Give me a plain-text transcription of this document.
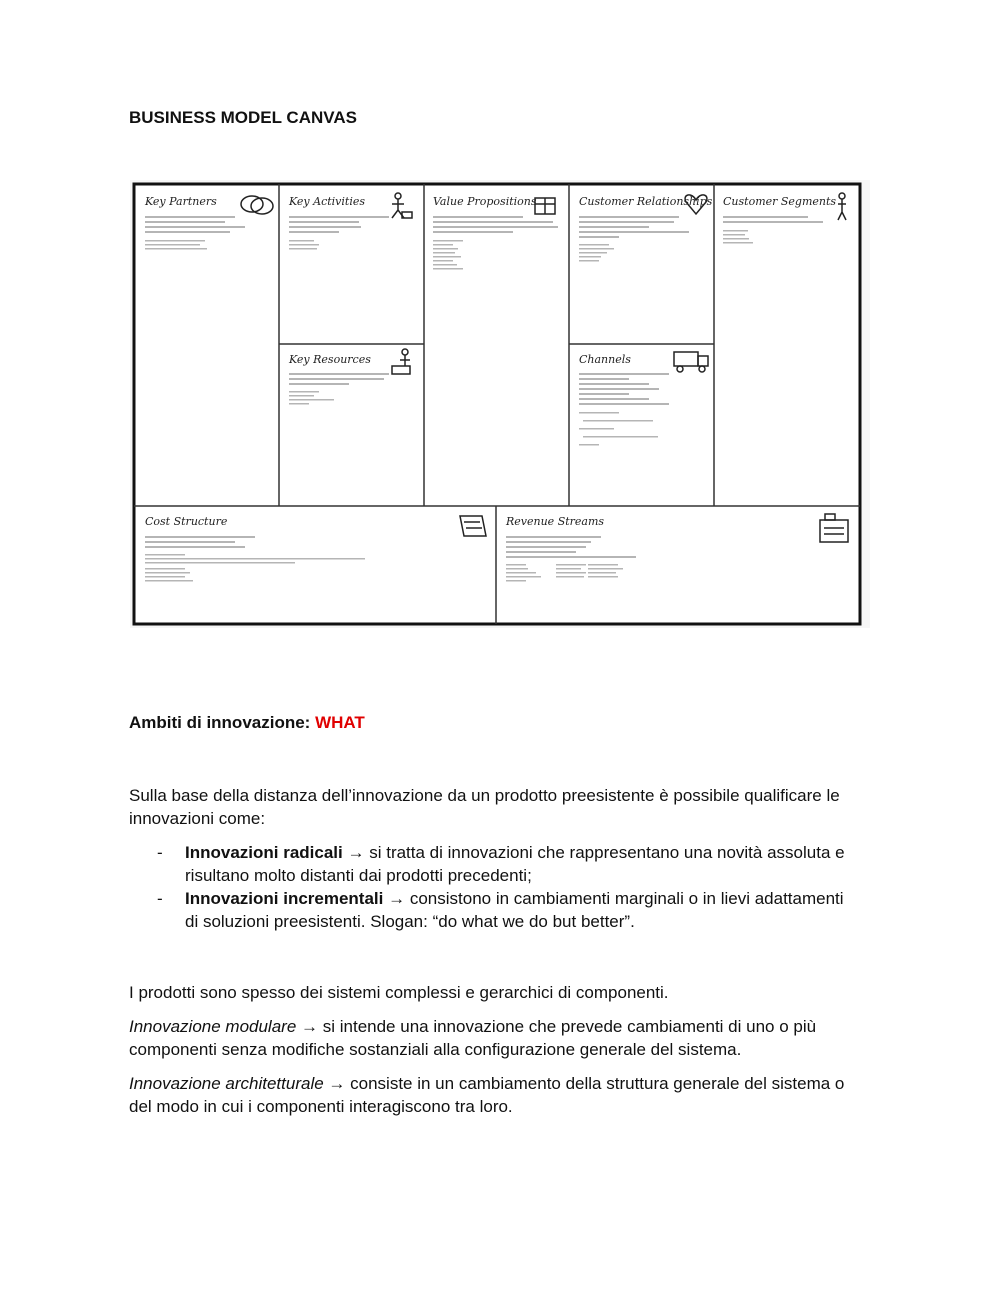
BUSINESS MODEL CANVAS
Key Partners	Key Activities	Value Propositions	Customer Relationships Customer Segments
Key Resources	Channels
Cost Structure	Revenue Streams
Ambiti di innovazione: WHAT
Sulla base della distanza dell’innovazione da un prodotto preesistente è possibile qualificare le innovazioni come:
- Innovazioni radicali → si tratta di innovazioni che rappresentano una novità assoluta e risultano molto distanti dai prodotti precedenti;
- Innovazioni incrementali → consistono in cambiamenti marginali o in lievi adattamenti di soluzioni preesistenti. Slogan: “do what we do but better”.
I prodotti sono spesso dei sistemi complessi e gerarchici di componenti.
Innovazione modulare → si intende una innovazione che prevede cambiamenti di uno o più componenti senza modifiche sostanziali alla configurazione generale del sistema.
Innovazione architetturale → consiste in un cambiamento della struttura generale del sistema o del modo in cui i componenti interagiscono tra loro.
